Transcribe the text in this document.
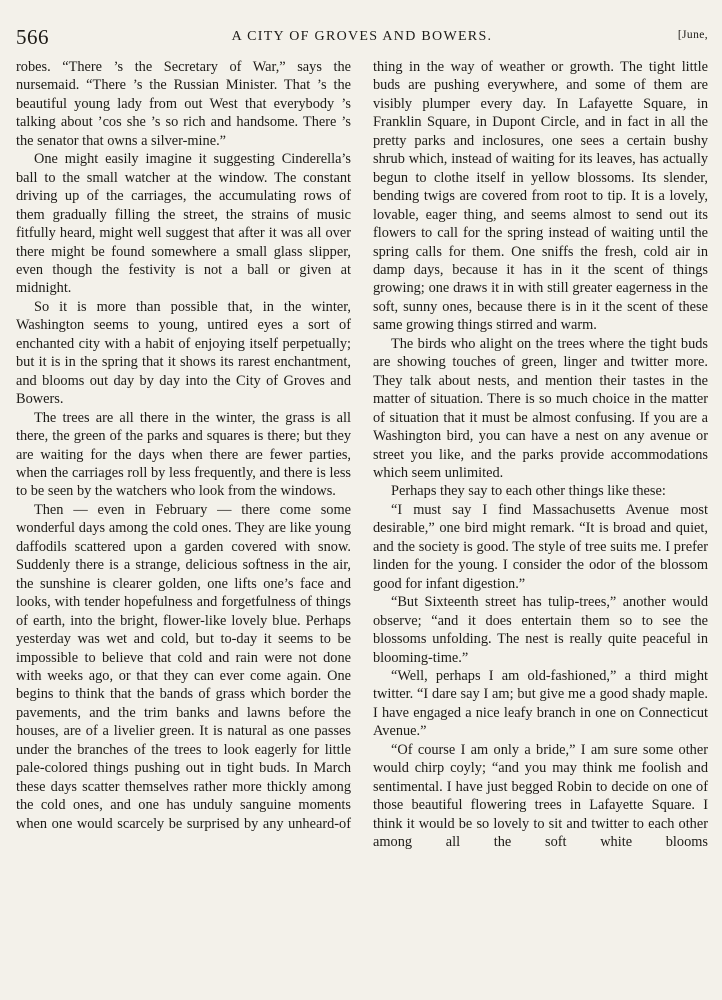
566	A CITY OF GROVES AND BOWERS.	[June,

robes. “There ’s the Secretary of War,” says the nursemaid. “There ’s the Russian Minister. That ’s the beautiful young lady from out West that everybody ’s talking about ’cos she ’s so rich and handsome. There ’s the senator that owns a silver-mine.”

One might easily imagine it suggesting Cinderella’s ball to the small watcher at the window. The constant driving up of the carriages, the accumulating rows of them gradually filling the street, the strains of music fitfully heard, might well suggest that after it was all over there might be found somewhere a small glass slipper, even though the festivity is not a ball or given at midnight.

So it is more than possible that, in the winter, Washington seems to young, untired eyes a sort of enchanted city with a habit of enjoying itself perpetually; but it is in the spring that it shows its rarest enchantment, and blooms out day by day into the City of Groves and Bowers.

The trees are all there in the winter, the grass is all there, the green of the parks and squares is there; but they are waiting for the days when there are fewer parties, when the carriages roll by less frequently, and there is less to be seen by the watchers who look from the windows.

Then — even in February — there come some wonderful days among the cold ones. They are like young daffodils scattered upon a garden covered with snow. Suddenly there is a strange, delicious softness in the air, the sunshine is clearer golden, one lifts one’s face and looks, with tender hopefulness and forgetfulness of things of earth, into the bright, flower-like lovely blue. Perhaps yesterday was wet and cold, but to-day it seems to be impossible to believe that cold and rain were not done with weeks ago, or that they can ever come again. One begins to think that the bands of grass which border the pavements, and the trim banks and lawns before the houses, are of a livelier green. It is natural as one passes under the branches of the trees to look eagerly for little pale-colored things pushing out in tight buds. In March these days scatter themselves rather more thickly among the cold ones, and one has unduly sanguine moments when one would scarcely be surprised by any unheard-of

thing in the way of weather or growth. The tight little buds are pushing everywhere, and some of them are visibly plumper every day. In Lafayette Square, in Franklin Square, in Dupont Circle, and in fact in all the pretty parks and inclosures, one sees a certain bushy shrub which, instead of waiting for its leaves, has actually begun to clothe itself in yellow blossoms. Its slender, bending twigs are covered from root to tip. It is a lovely, lovable, eager thing, and seems almost to send out its flowers to call for the spring instead of waiting until the spring calls for them. One sniffs the fresh, cold air in damp days, because it has in it the scent of things growing; one draws it in with still greater eagerness in the soft, sunny ones, because there is in it the scent of these same growing things stirred and warm.

The birds who alight on the trees where the tight buds are showing touches of green, linger and twitter more. They talk about nests, and mention their tastes in the matter of situation. There is so much choice in the matter of situation that it must be almost confusing. If you are a Washington bird, you can have a nest on any avenue or street you like, and the parks provide accommodations which seem unlimited.

Perhaps they say to each other things like these:

“I must say I find Massachusetts Avenue most desirable,” one bird might remark. “It is broad and quiet, and the society is good. The style of tree suits me. I prefer linden for the young. I consider the odor of the blossom good for infant digestion.”

“But Sixteenth street has tulip-trees,” another would observe; “and it does entertain them so to see the blossoms unfolding. The nest is really quite peaceful in blooming-time.”

“Well, perhaps I am old-fashioned,” a third might twitter. “I dare say I am; but give me a good shady maple. I have engaged a nice leafy branch in one on Connecticut Avenue.”

“Of course I am only a bride,” I am sure some other would chirp coyly; “and you may think me foolish and sentimental. I have just begged Robin to decide on one of those beautiful flowering trees in Lafayette Square. I think it would be so lovely to sit and twitter to each other among all the soft white blooms
